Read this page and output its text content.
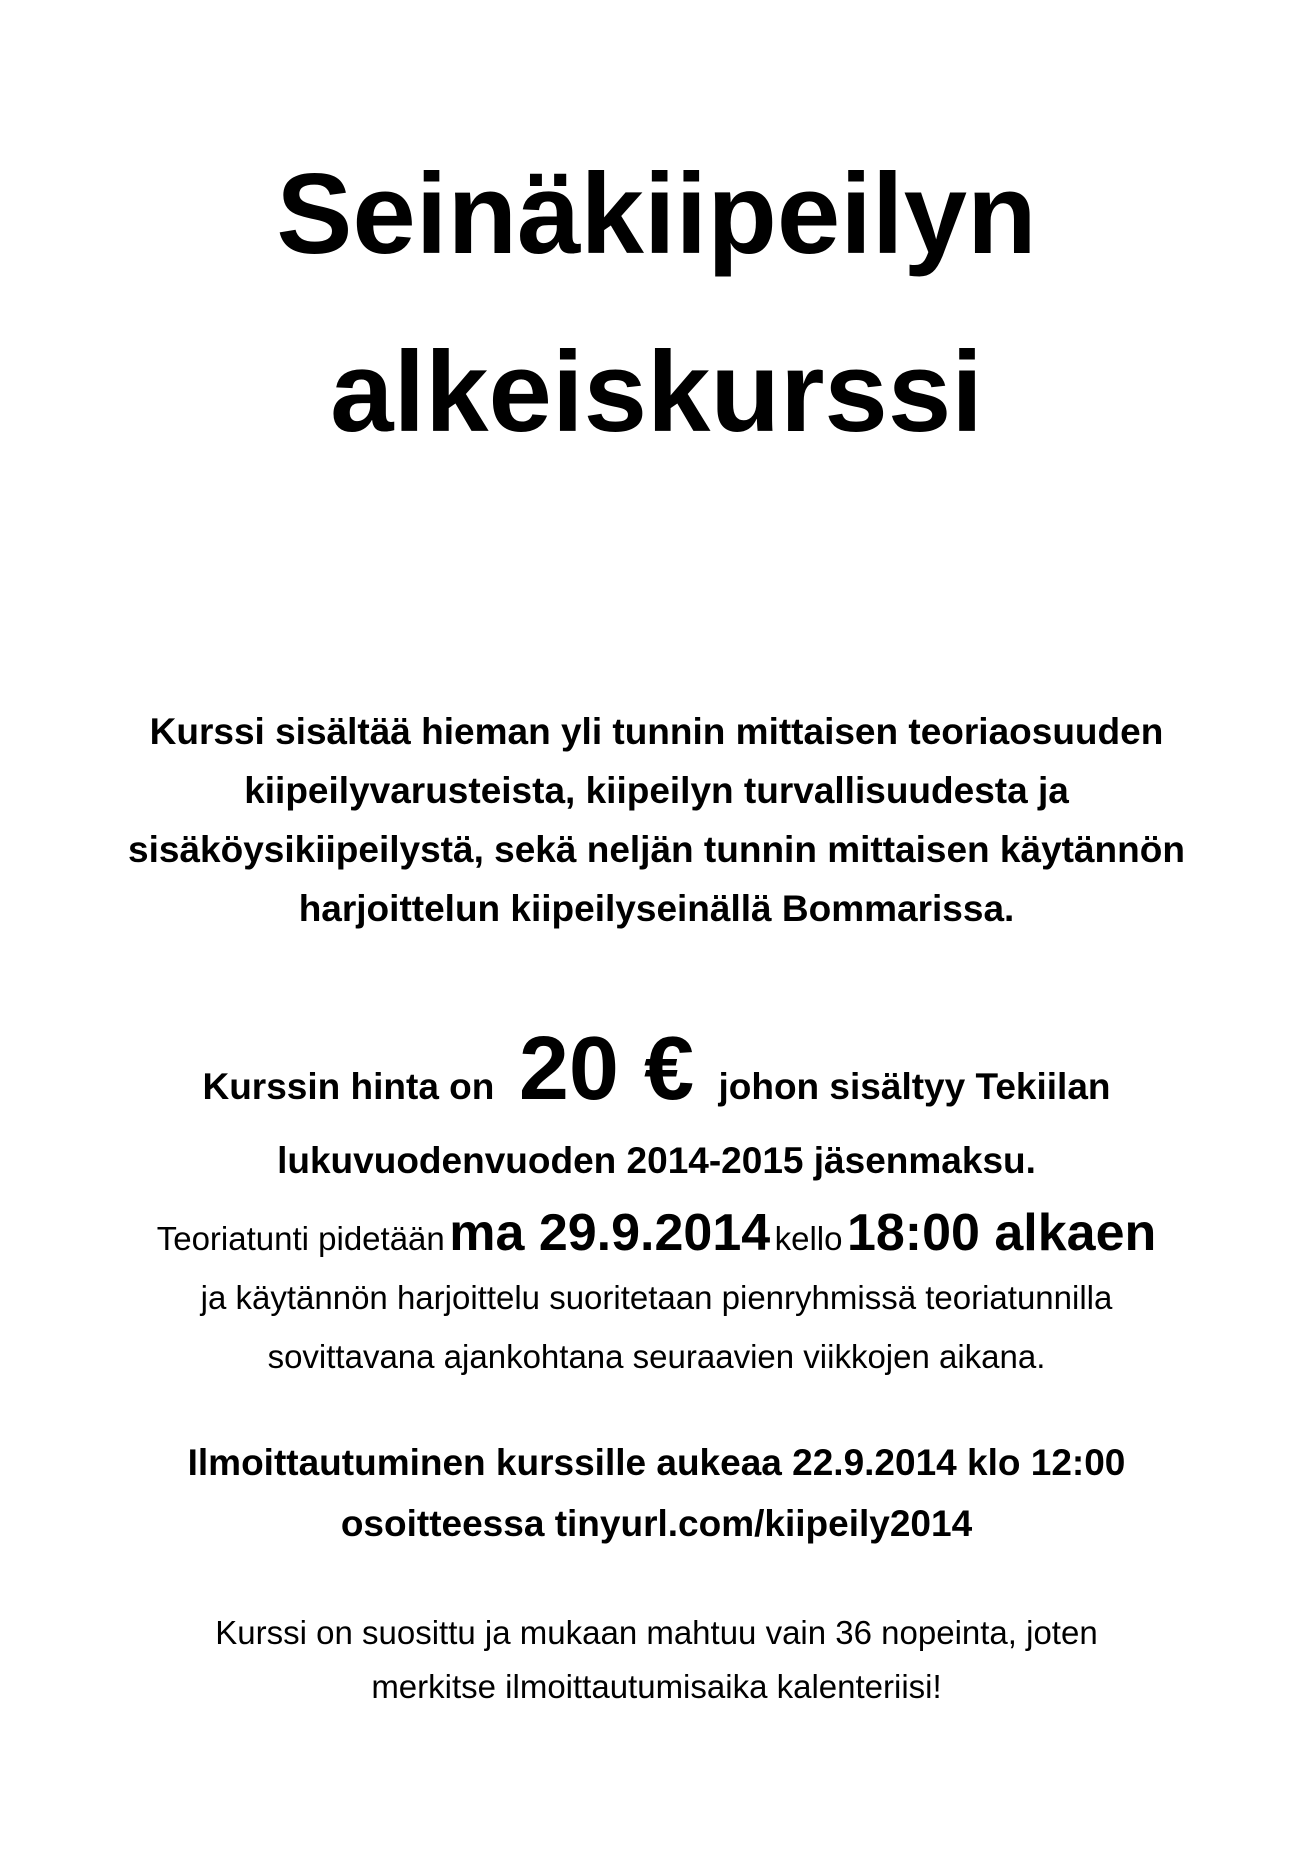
Seinäkiipeilyn
alkeiskurssi

Kurssi sisältää hieman yli tunnin mittaisen teoriaosuuden
kiipeilyvarusteista, kiipeilyn turvallisuudesta ja
sisäköysikiipeilystä, sekä neljän tunnin mittaisen käytännön
harjoittelun kiipeilyseinällä Bommarissa.

Kurssin hinta on 20 € johon sisältyy Tekiilan

lukuvuodenvuoden 2014-2015 jäsenmaksu.

Teoriatunti pidetään ma 29.9.2014 kello 18:00 alkaen

ja käytännön harjoittelu suoritetaan pienryhmissä teoriatunnilla
sovittavana ajankohtana seuraavien viikkojen aikana.

Ilmoittautuminen kurssille aukeaa 22.9.2014 klo 12:00
osoitteessa tinyurl.com/kiipeily2014

Kurssi on suosittu ja mukaan mahtuu vain 36 nopeinta, joten
merkitse ilmoittautumisaika kalenteriisi!
